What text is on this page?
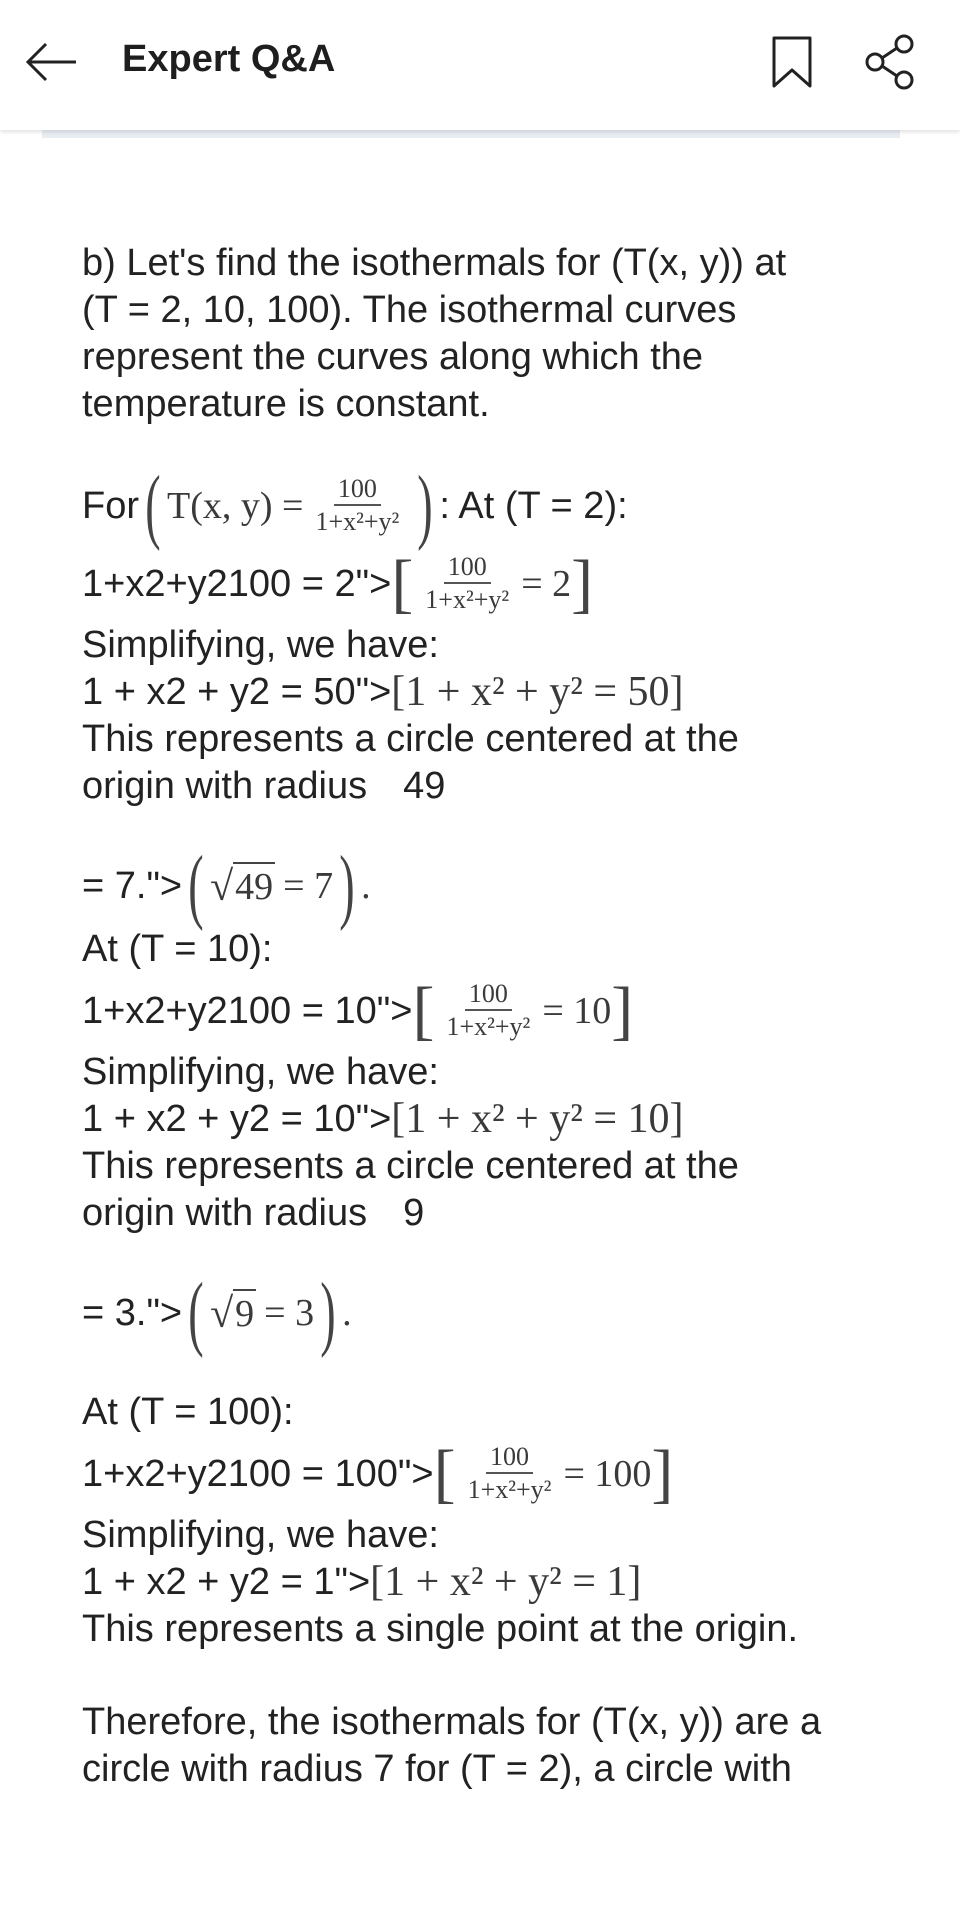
Expert Q&A
b) Let's find the isothermals for (T(x, y)) at
(T = 2, 10, 100). The isothermal curves
represent the curves along which the
temperature is constant.
For ( T(x, $y) = \frac{100}{\text{1+x²+y²}}$ ) : At (T = 2):
1+x2+y2100 = 2"> [ $\frac{100}{\text{1+x²+y²}} = 2$ ]
Simplifying, we have:
1 + x2 + y2 = 50"> [1 + x² + y² = 50]
This represents a circle centered at the
origin with radius 49
= 7."> ( √ 49 = 7 ) .
At (T = 10):
1+x2+y2100 = 10"> [ $\frac{100}{\text{1+x²+y²}} = 10$ ]
Simplifying, we have:
1 + x2 + y2 = 10"> [1 + x² + y² = 10]
This represents a circle centered at the
origin with radius 9
= 3."> ( √ 9 = 3 ) .
At (T = 100):
1+x2+y2100 = 100"> [ $\frac{100}{\text{1+x²+y²}} = 100$ ]
Simplifying, we have:
1 + x2 + y2 = 1"> [1 + x² + y² = 1]
This represents a single point at the origin.
Therefore, the isothermals for (T(x, y)) are a
circle with radius 7 for (T = 2), a circle with
